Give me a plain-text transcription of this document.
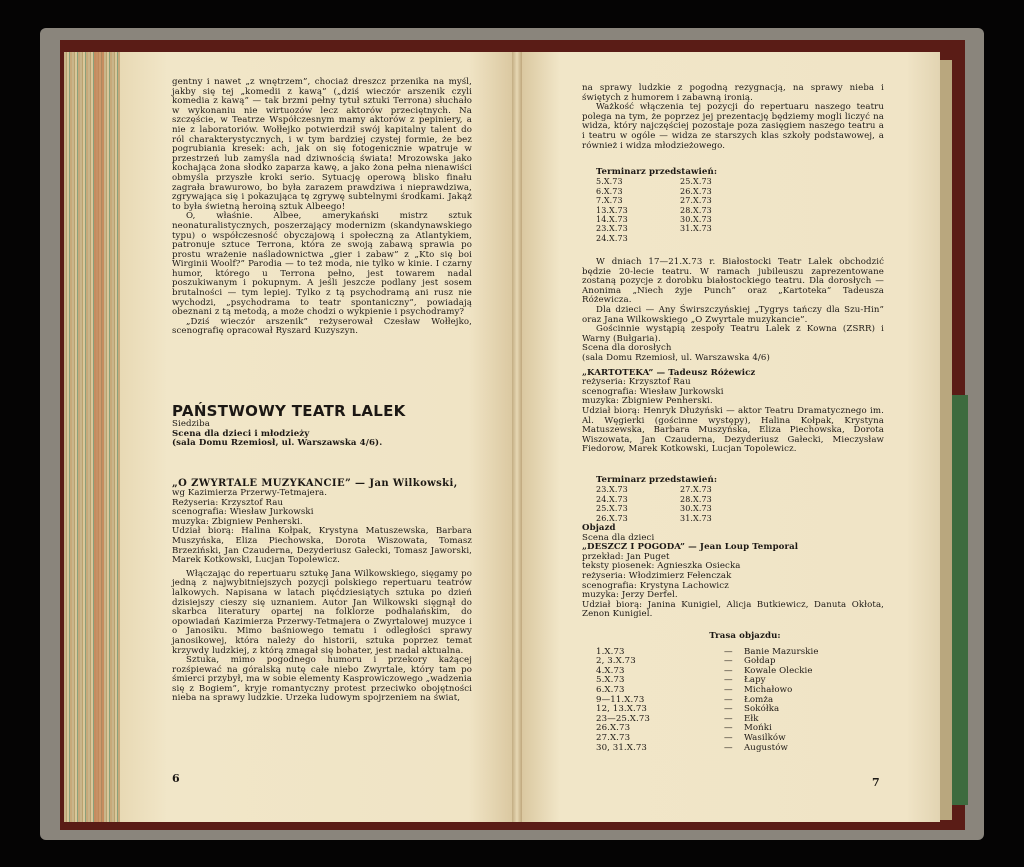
gentny i nawet „z wnętrzem”, chociaż dreszcz przenika na myśl, jakby się tej „komedii z kawą” („dziś wieczór arszenik czyli komedia z kawą” — tak brzmi pełny tytuł sztuki Terrona) słuchało w wykonaniu nie wirtuozów lecz aktorów przeciętnych. Na szczęście, w Teatrze Współczesnym mamy aktorów z pepiniery, a nie z laboratoriów. Wołłejko potwierdził swój kapitalny talent do ról charakterystycznych, i w tym bardziej czystej formie, że bez pogrubiania kresek: ach, jak on się fotogenicznie wpatruje w przestrzeń lub zamyśla nad dziwnością świata! Mrozowska jako kochająca żona słodko zaparza kawę, a jako żona pełna nienawiści obmyśla przyszłe kroki serio. Sytuację operową blisko finału zagrała brawurowo, bo była zarazem prawdziwa i nieprawdziwa, zgrywająca się i pokazująca tę zgrywę subtelnymi środkami. Jakąż to była świetną heroiną sztuk Albeego!

O, właśnie. Albee, amerykański mistrz sztuk neonaturalistycznych, poszerzający modernizm (skandynawskiego typu) o współczesność obyczajową i społeczną za Atlantykiem, patronuje sztuce Terrona, która ze swoją zabawą sprawia po prostu wrażenie naśladownictwa „gier i zabaw” z „Kto się boi Wirginii Woolf?” Parodia — to też moda, nie tylko w kinie. I czarny humor, którego u Terrona pełno, jest towarem nadal poszukiwanym i pokupnym. A jeśli jeszcze podlany jest sosem brutalności — tym lepiej. Tylko z tą psychodramą ani rusz nie wychodzi, „psychodrama to teatr spontaniczny”, powiadają obeznani z tą metodą, a może chodzi o wykpienie i psychodramy?

„Dziś wieczór arszenik” reżyserował Czesław Wołłejko, scenografię opracował Ryszard Kuzyszyn.

PAŃSTWOWY TEATR LALEK
Siedziba
Scena dla dzieci i młodzieży
(sala Domu Rzemiosł, ul. Warszawska 4/6).
„O ZWYRTALE MUZYKANCIE” — Jan Wilkowski,
wg Kazimierza Przerwy-Tetmajera.
Reżyseria: Krzysztof Rau
scenografia: Wiesław Jurkowski
muzyka: Zbigniew Penherski.

Udział biorą: Halina Kołpak, Krystyna Matuszewska, Barbara Muszyńska, Eliza Piechowska, Dorota Wiszowata, Tomasz Brzeziński, Jan Czauderna, Dezyderiusz Gałecki, Tomasz Jaworski, Marek Kotkowski, Lucjan Topolewicz.

Włączając do repertuaru sztukę Jana Wilkowskiego, sięgamy po jedną z najwybitniejszych pozycji polskiego repertuaru teatrów lalkowych. Napisana w latach pięćdziesiątych sztuka po dzień dzisiejszy cieszy się uznaniem. Autor Jan Wilkowski sięgnął do skarbca literatury opartej na folklorze podhalańskim, do opowiadań Kazimierza Przerwy-Tetmajera o Zwyrtalowej muzyce i o Janosiku. Mimo baśniowego tematu i odległości sprawy janosikowej, która należy do historii, sztuka poprzez temat krzywdy ludzkiej, z którą zmagał się bohater, jest nadal aktualna.

Sztuka, mimo pogodnego humoru i przekory każącej rozśpiewać na góralską nutę całe niebo Zwyrtale, który tam po śmierci przybył, ma w sobie elementy Kasprowiczowego „wadzenia się z Bogiem”, kryje romantyczny protest przeciwko obojętności nieba na sprawy ludzkie. Urzeka ludowym spojrzeniem na świat,

6

na sprawy ludzkie z pogodną rezygnacją, na sprawy nieba i świętych z humorem i zabawną ironią.

Ważkość włączenia tej pozycji do repertuaru naszego teatru polega na tym, że poprzez jej prezentację będziemy mogli liczyć na widza, który najczęściej pozostaje poza zasięgiem naszego teatru a i teatru w ogóle — widza ze starszych klas szkoły podstawowej, a również i widza młodzieżowego.

Terminarz przedstawień:
5.X.73
6.X.73
7.X.73
13.X.73
14.X.73
23.X.73
24.X.73
25.X.73
26.X.73
27.X.73
28.X.73
30.X.73
31.X.73

W dniach 17—21.X.73 r. Białostocki Teatr Lalek obchodzić będzie 20-lecie teatru. W ramach jubileuszu zaprezentowane zostaną pozycje z dorobku białostockiego teatru. Dla dorosłych — Anonima „Niech żyje Punch” oraz „Kartoteka” Tadeusza Różewicza.

Dla dzieci — Any Świrszczyńskiej „Tygrys tańczy dla Szu-Hin” oraz Jana Wilkowskiego „O Zwyrtale muzykancie”.

Gościnnie wystąpią zespoły Teatru Lalek z Kowna (ZSRR) i Warny (Bułgaria).

Scena dla dorosłych
(sala Domu Rzemiosł, ul. Warszawska 4/6)
„KARTOTEKA” — Tadeusz Różewicz
reżyseria: Krzysztof Rau
scenografia: Wiesław Jurkowski
muzyka: Zbigniew Penherski.

Udział biorą: Henryk Dłużyński — aktor Teatru Dramatycznego im. Al. Węgierki (gościnne występy), Halina Kołpak, Krystyna Matuszewska, Barbara Muszyńska, Eliza Piechowska, Dorota Wiszowata, Jan Czauderna, Dezyderiusz Gałecki, Mieczysław Fiedorow, Marek Kotkowski, Lucjan Topolewicz.

Terminarz przedstawień:
23.X.73
24.X.73
25.X.73
26.X.73
27.X.73
28.X.73
30.X.73
31.X.73
Objazd
Scena dla dzieci
„DESZCZ I POGODA” — Jean Loup Temporal
przekład: Jan Puget
teksty piosenek: Agnieszka Osiecka
reżyseria: Włodzimierz Fełenczak
scenografia: Krystyna Lachowicz
muzyka: Jerzy Derfel.

Udział biorą: Janina Kunigiel, Alicja Butkiewicz, Danuta Okłota, Zenon Kunigiel.

Trasa objazdu:
1.X.73
2, 3.X.73
4.X.73
5.X.73
6.X.73
9—11.X.73
12, 13.X.73
23—25.X.73
26.X.73
27.X.73
30, 31.X.73
—
—
—
—
—
—
—
—
—
—
—
Banie Mazurskie
Gołdap
Kowale Oleckie
Łapy
Michałowo
Łomża
Sokółka
Ełk
Mońki
Wasilków
Augustów
7
